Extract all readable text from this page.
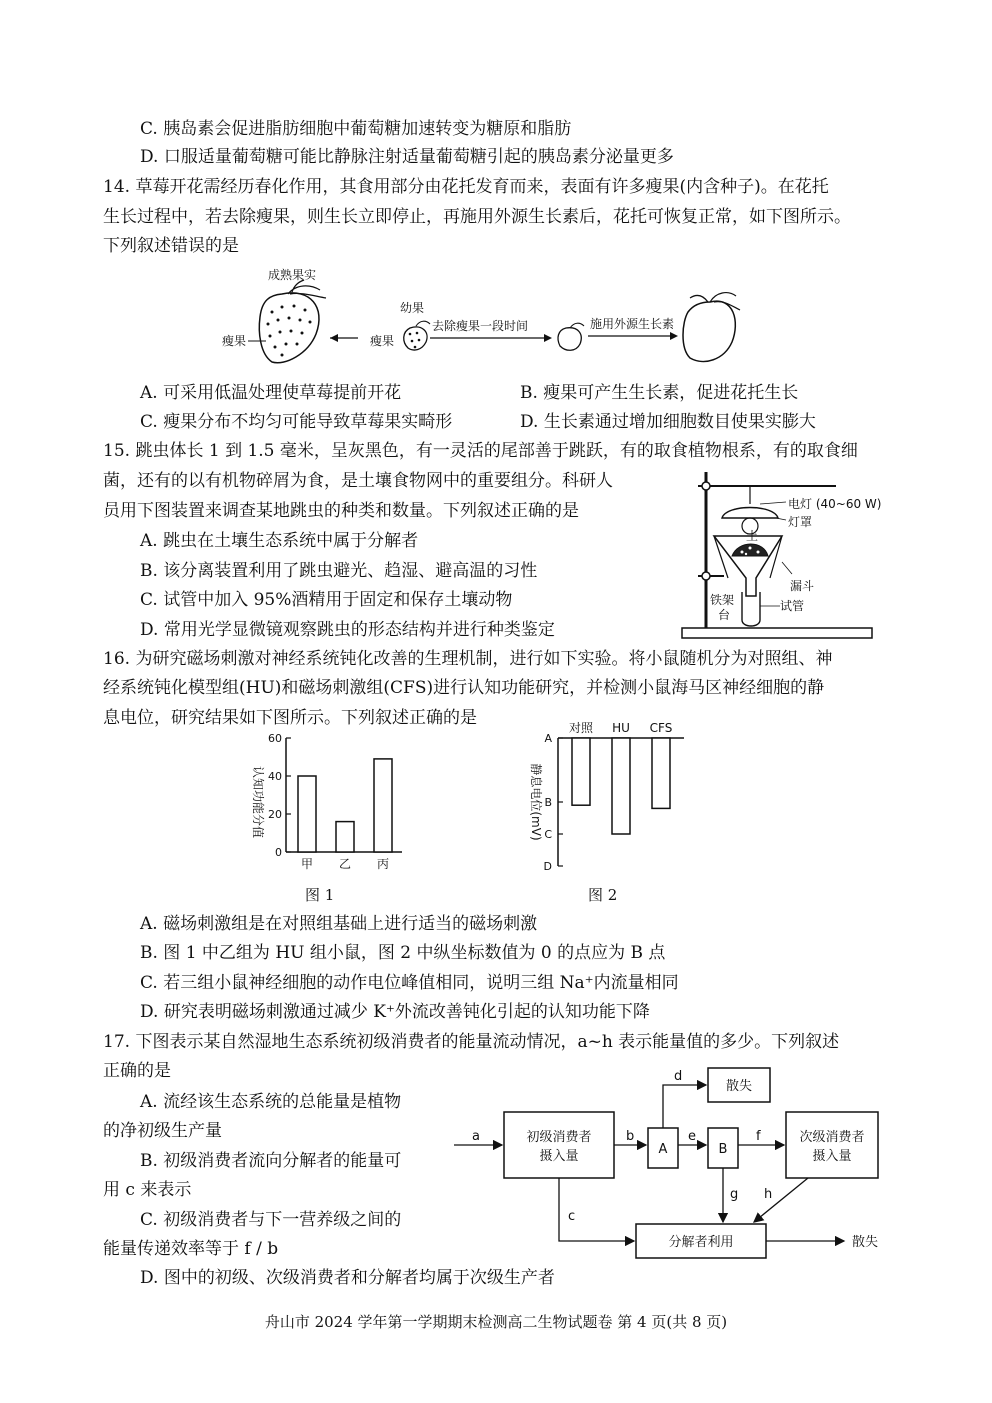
C. 胰岛素会促进脂肪细胞中葡萄糖加速转变为糖原和脂肪
D. 口服适量葡萄糖可能比静脉注射适量葡萄糖引起的胰岛素分泌量更多
14. 草莓开花需经历春化作用，其食用部分由花托发育而来，表面有许多瘦果(内含种子)。在花托
生长过程中，若去除瘦果，则生长立即停止，再施用外源生长素后，花托可恢复正常，如下图所示。
下列叙述错误的是
成熟果实
瘦果
幼果
瘦果
去除瘦果一段时间	施用外源生长素
A. 可采用低温处理使草莓提前开花	B. 瘦果可产生生长素，促进花托生长
C. 瘦果分布不均匀可能导致草莓果实畸形	D. 生长素通过增加细胞数目使果实膨大
15. 跳虫体长 1 到 1.5 毫米，呈灰黑色，有一灵活的尾部善于跳跃，有的取食植物根系，有的取食细
菌，还有的以有机物碎屑为食，是土壤食物网中的重要组分。科研人
员用下图装置来调查某地跳虫的种类和数量。下列叙述正确的是
A. 跳虫在土壤生态系统中属于分解者
B. 该分离装置利用了跳虫避光、趋湿、避高温的习性
C. 试管中加入 95%酒精用于固定和保存土壤动物
D. 常用光学显微镜观察跳虫的形态结构并进行种类鉴定
电灯 (40~60 W)
灯罩
土
漏斗
试管
铁架
台
16. 为研究磁场刺激对神经系统钝化改善的生理机制，进行如下实验。将小鼠随机分为对照组、神
经系统钝化模型组(HU)和磁场刺激组(CFS)进行认知功能研究，并检测小鼠海马区神经细胞的静
息电位，研究结果如下图所示。下列叙述正确的是
0
20
40
60
认知功能分值
甲 乙 丙
图 1
A
B
C
D
静息电位(mV)
对照 HU CFS
图 2
A. 磁场刺激组是在对照组基础上进行适当的磁场刺激
B. 图 1 中乙组为 HU 组小鼠，图 2 中纵坐标数值为 0 的点应为 B 点
C. 若三组小鼠神经细胞的动作电位峰值相同，说明三组 Na⁺内流量相同
D. 研究表明磁场刺激通过减少 K⁺外流改善钝化引起的认知功能下降
17. 下图表示某自然湿地生态系统初级消费者的能量流动情况，a~h 表示能量值的多少。下列叙述
正确的是
A. 流经该生态系统的总能量是植物
的净初级生产量
B. 初级消费者流向分解者的能量可
用 c 来表示
C. 初级消费者与下一营养级之间的
能量传递效率等于 f / b
D. 图中的初级、次级消费者和分解者均属于次级生产者
初级消费者
摄入量	A	B
散失
次级消费者
摄入量
分解者利用	散失
a	b	e
d
f
g h
c
舟山市 2024 学年第一学期期末检测高二生物试题卷 第 4 页(共 8 页)
